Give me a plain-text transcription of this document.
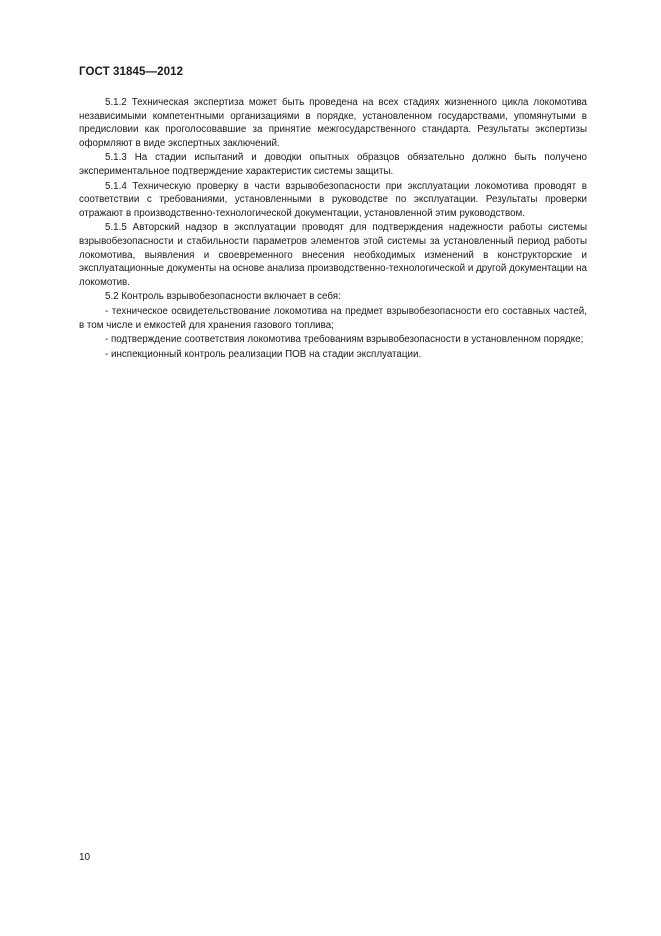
ГОСТ 31845—2012

5.1.2 Техническая экспертиза может быть проведена на всех стадиях жизненного цикла локомотива независимыми компетентными организациями в порядке, установленном государствами, упомянутыми в предисловии как проголосовавшие за принятие межгосударственного стандарта. Результаты экспертизы оформляют в виде экспертных заключений.

5.1.3 На стадии испытаний и доводки опытных образцов обязательно должно быть получено экспериментальное подтверждение характеристик системы защиты.

5.1.4 Техническую проверку в части взрывобезопасности при эксплуатации локомотива проводят в соответствии с требованиями, установленными в руководстве по эксплуатации. Результаты проверки отражают в производственно-технологической документации, установленной этим руководством.

5.1.5 Авторский надзор в эксплуатации проводят для подтверждения надежности работы системы взрывобезопасности и стабильности параметров элементов этой системы за установленный период работы локомотива, выявления и своевременного внесения необходимых изменений в конструкторские и эксплуатационные документы на основе анализа производственно-технологической и другой документации на локомотив.

5.2 Контроль взрывобезопасности включает в себя:

- техническое освидетельствование локомотива на предмет взрывобезопасности его составных частей, в том числе и емкостей для хранения газового топлива;

- подтверждение соответствия локомотива требованиям взрывобезопасности в установленном порядке;

- инспекционный контроль реализации ПОВ на стадии эксплуатации.

10
